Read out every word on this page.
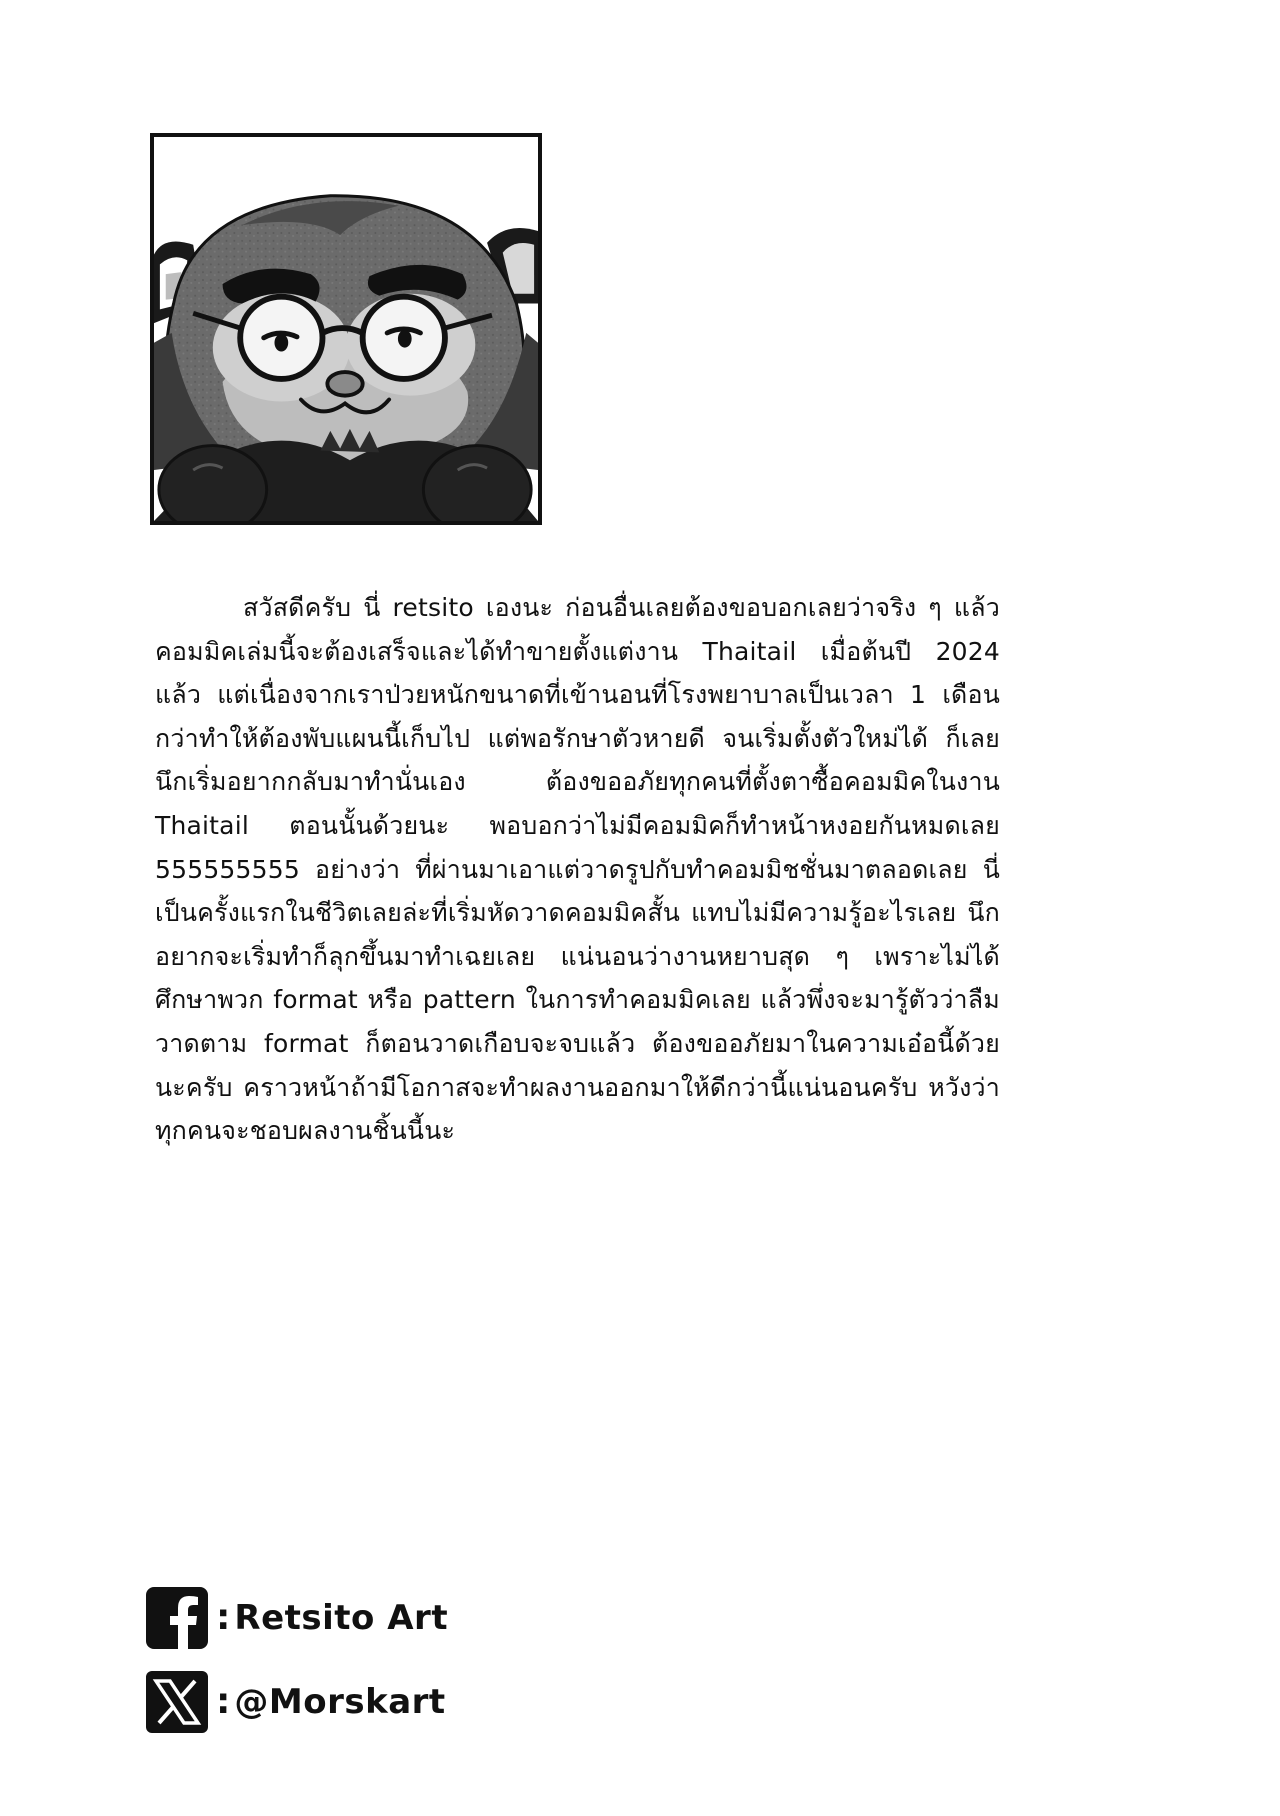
สวัสดีครับ นี่ retsito เองนะ ก่อนอื่นเลยต้องขอบอกเลยว่าจริง ๆ แล้วคอมมิคเล่มนี้จะต้องเสร็จและได้ทำขายตั้งแต่งาน Thaitail เมื่อต้นปี 2024 แล้ว แต่เนื่องจากเราป่วยหนักขนาดที่เข้านอนที่โรงพยาบาลเป็นเวลา 1 เดือนกว่าทำให้ต้องพับแผนนี้เก็บไป แต่พอรักษาตัวหายดี จนเริ่มตั้งตัวใหม่ได้ ก็เลยนึกเริ่มอยากกลับมาทำนั่นเอง ต้องขออภัยทุกคนที่ตั้งตาซื้อคอมมิคในงาน Thaitail ตอนนั้นด้วยนะ พอบอกว่าไม่มีคอมมิคก็ทำหน้าหงอยกันหมดเลย 555555555 อย่างว่า ที่ผ่านมาเอาแต่วาดรูปกับทำคอมมิชชั่นมาตลอดเลย นี่เป็นครั้งแรกในชีวิตเลยล่ะที่เริ่มหัดวาดคอมมิคสั้น แทบไม่มีความรู้อะไรเลย นึกอยากจะเริ่มทำก็ลุกขึ้นมาทำเฉยเลย แน่นอนว่างานหยาบสุด ๆ เพราะไม่ได้ศึกษาพวก format หรือ pattern ในการทำคอมมิคเลย แล้วพึ่งจะมารู้ตัวว่าลืมวาดตาม format ก็ตอนวาดเกือบจะจบแล้ว ต้องขออภัยมาในความเอ๋อนี้ด้วยนะครับ คราวหน้าถ้ามีโอกาสจะทำผลงานออกมาให้ดีกว่านี้แน่นอนครับ หวังว่าทุกคนจะชอบผลงานชิ้นนี้นะ

: Retsito Art
: @Morskart
